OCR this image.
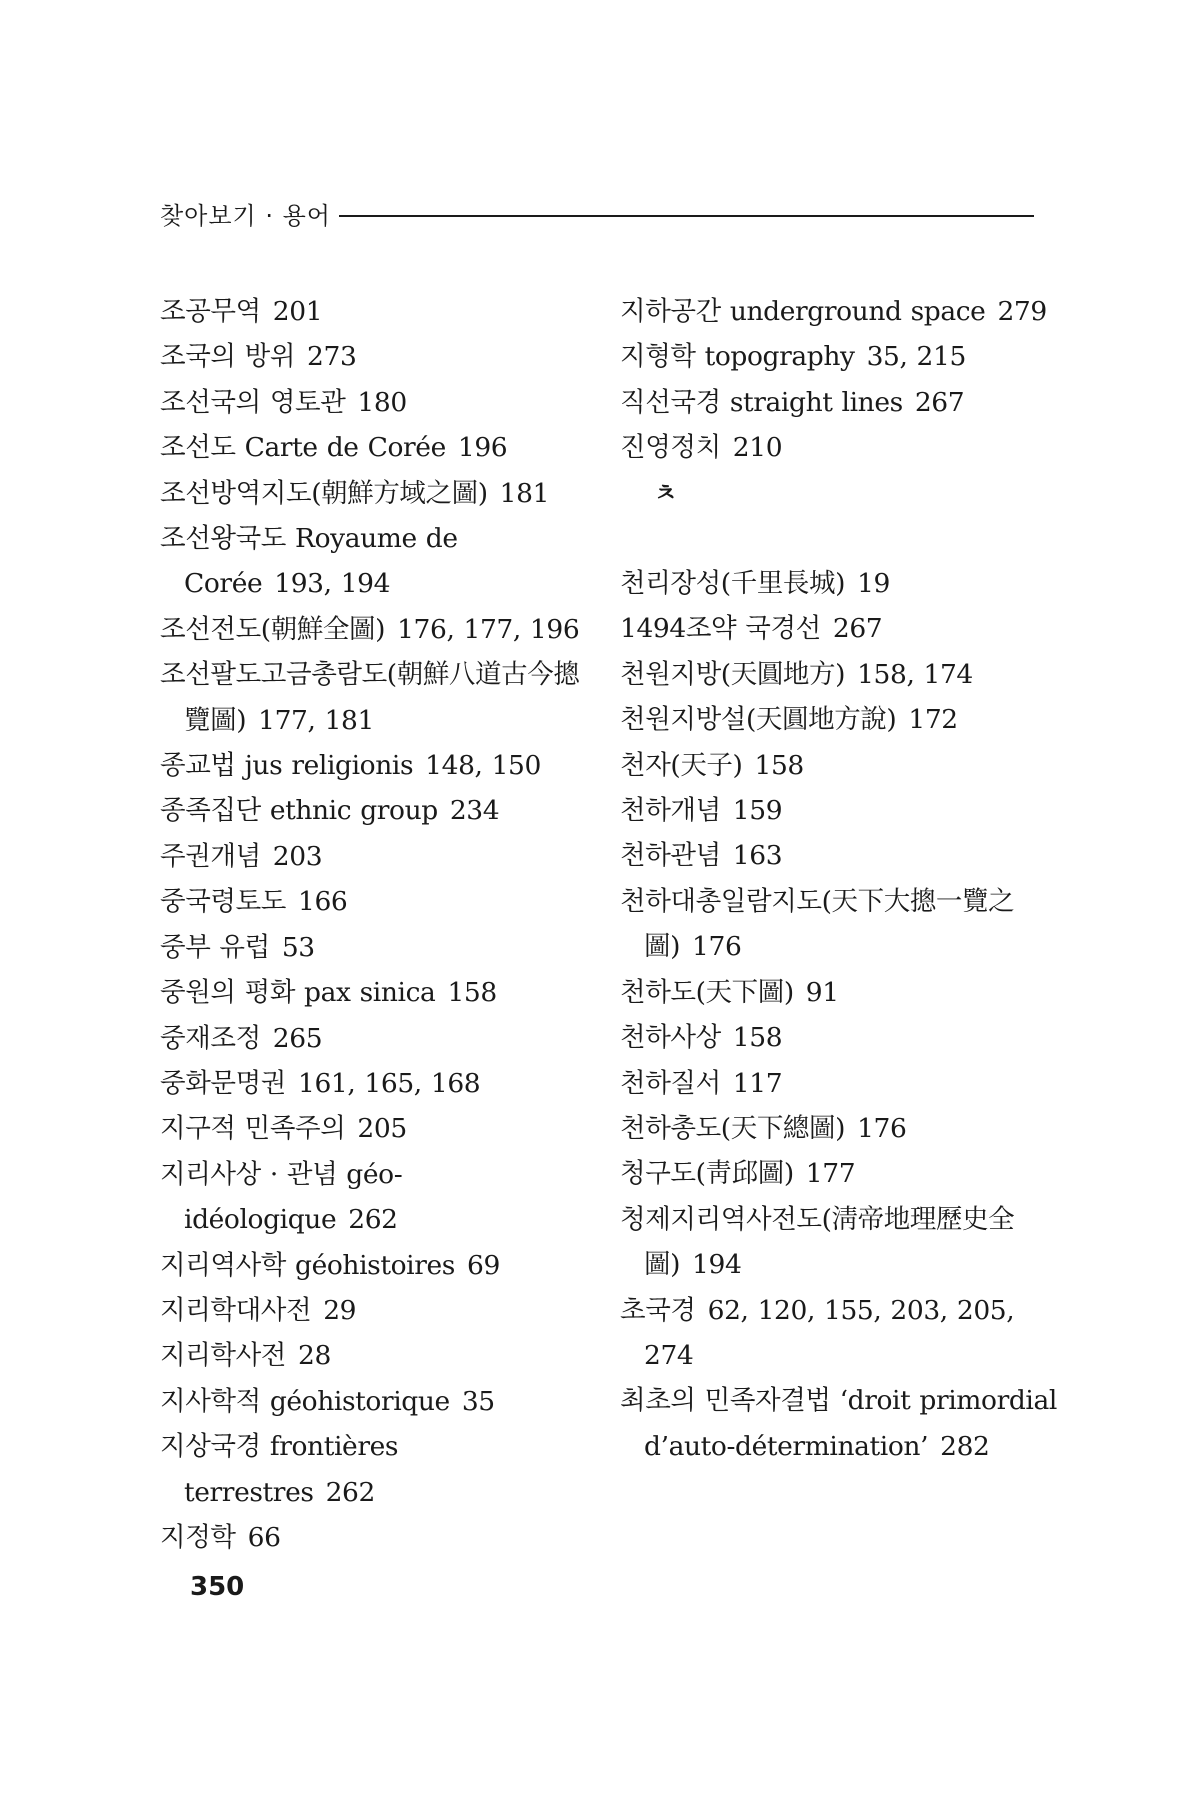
찾아보기 · 용어
조공무역 201
조국의 방위 273
조선국의 영토관 180
조선도 Carte de Corée 196
조선방역지도(朝鮮方域之圖) 181
조선왕국도 Royaume de Corée 193, 194
조선전도(朝鮮全圖) 176, 177, 196
조선팔도고금총람도(朝鮮八道古今摠覽圖) 177, 181
종교법 jus religionis 148, 150
종족집단 ethnic group 234
주권개념 203
중국령토도 166
중부 유럽 53
중원의 평화 pax sinica 158
중재조정 265
중화문명권 161, 165, 168
지구적 민족주의 205
지리사상 · 관념 géo-idéologique 262
지리역사학 géohistoires 69
지리학대사전 29
지리학사전 28
지사학적 géohistorique 35
지상국경 frontières terrestres 262
지정학 66
지하공간 underground space 279
지형학 topography 35, 215
직선국경 straight lines 267
진영정치 210
ㅊ
천리장성(千里長城) 19
1494조약 국경선 267
천원지방(天圓地方) 158, 174
천원지방설(天圓地方說) 172
천자(天子) 158
천하개념 159
천하관념 163
천하대총일람지도(天下大摠一覽之圖) 176
천하도(天下圖) 91
천하사상 158
천하질서 117
천하총도(天下總圖) 176
청구도(靑邱圖) 177
청제지리역사전도(淸帝地理歷史全圖) 194
초국경 62, 120, 155, 203, 205, 274
최초의 민족자결법 ‘droit primordial d’auto-détermination’ 282
350
